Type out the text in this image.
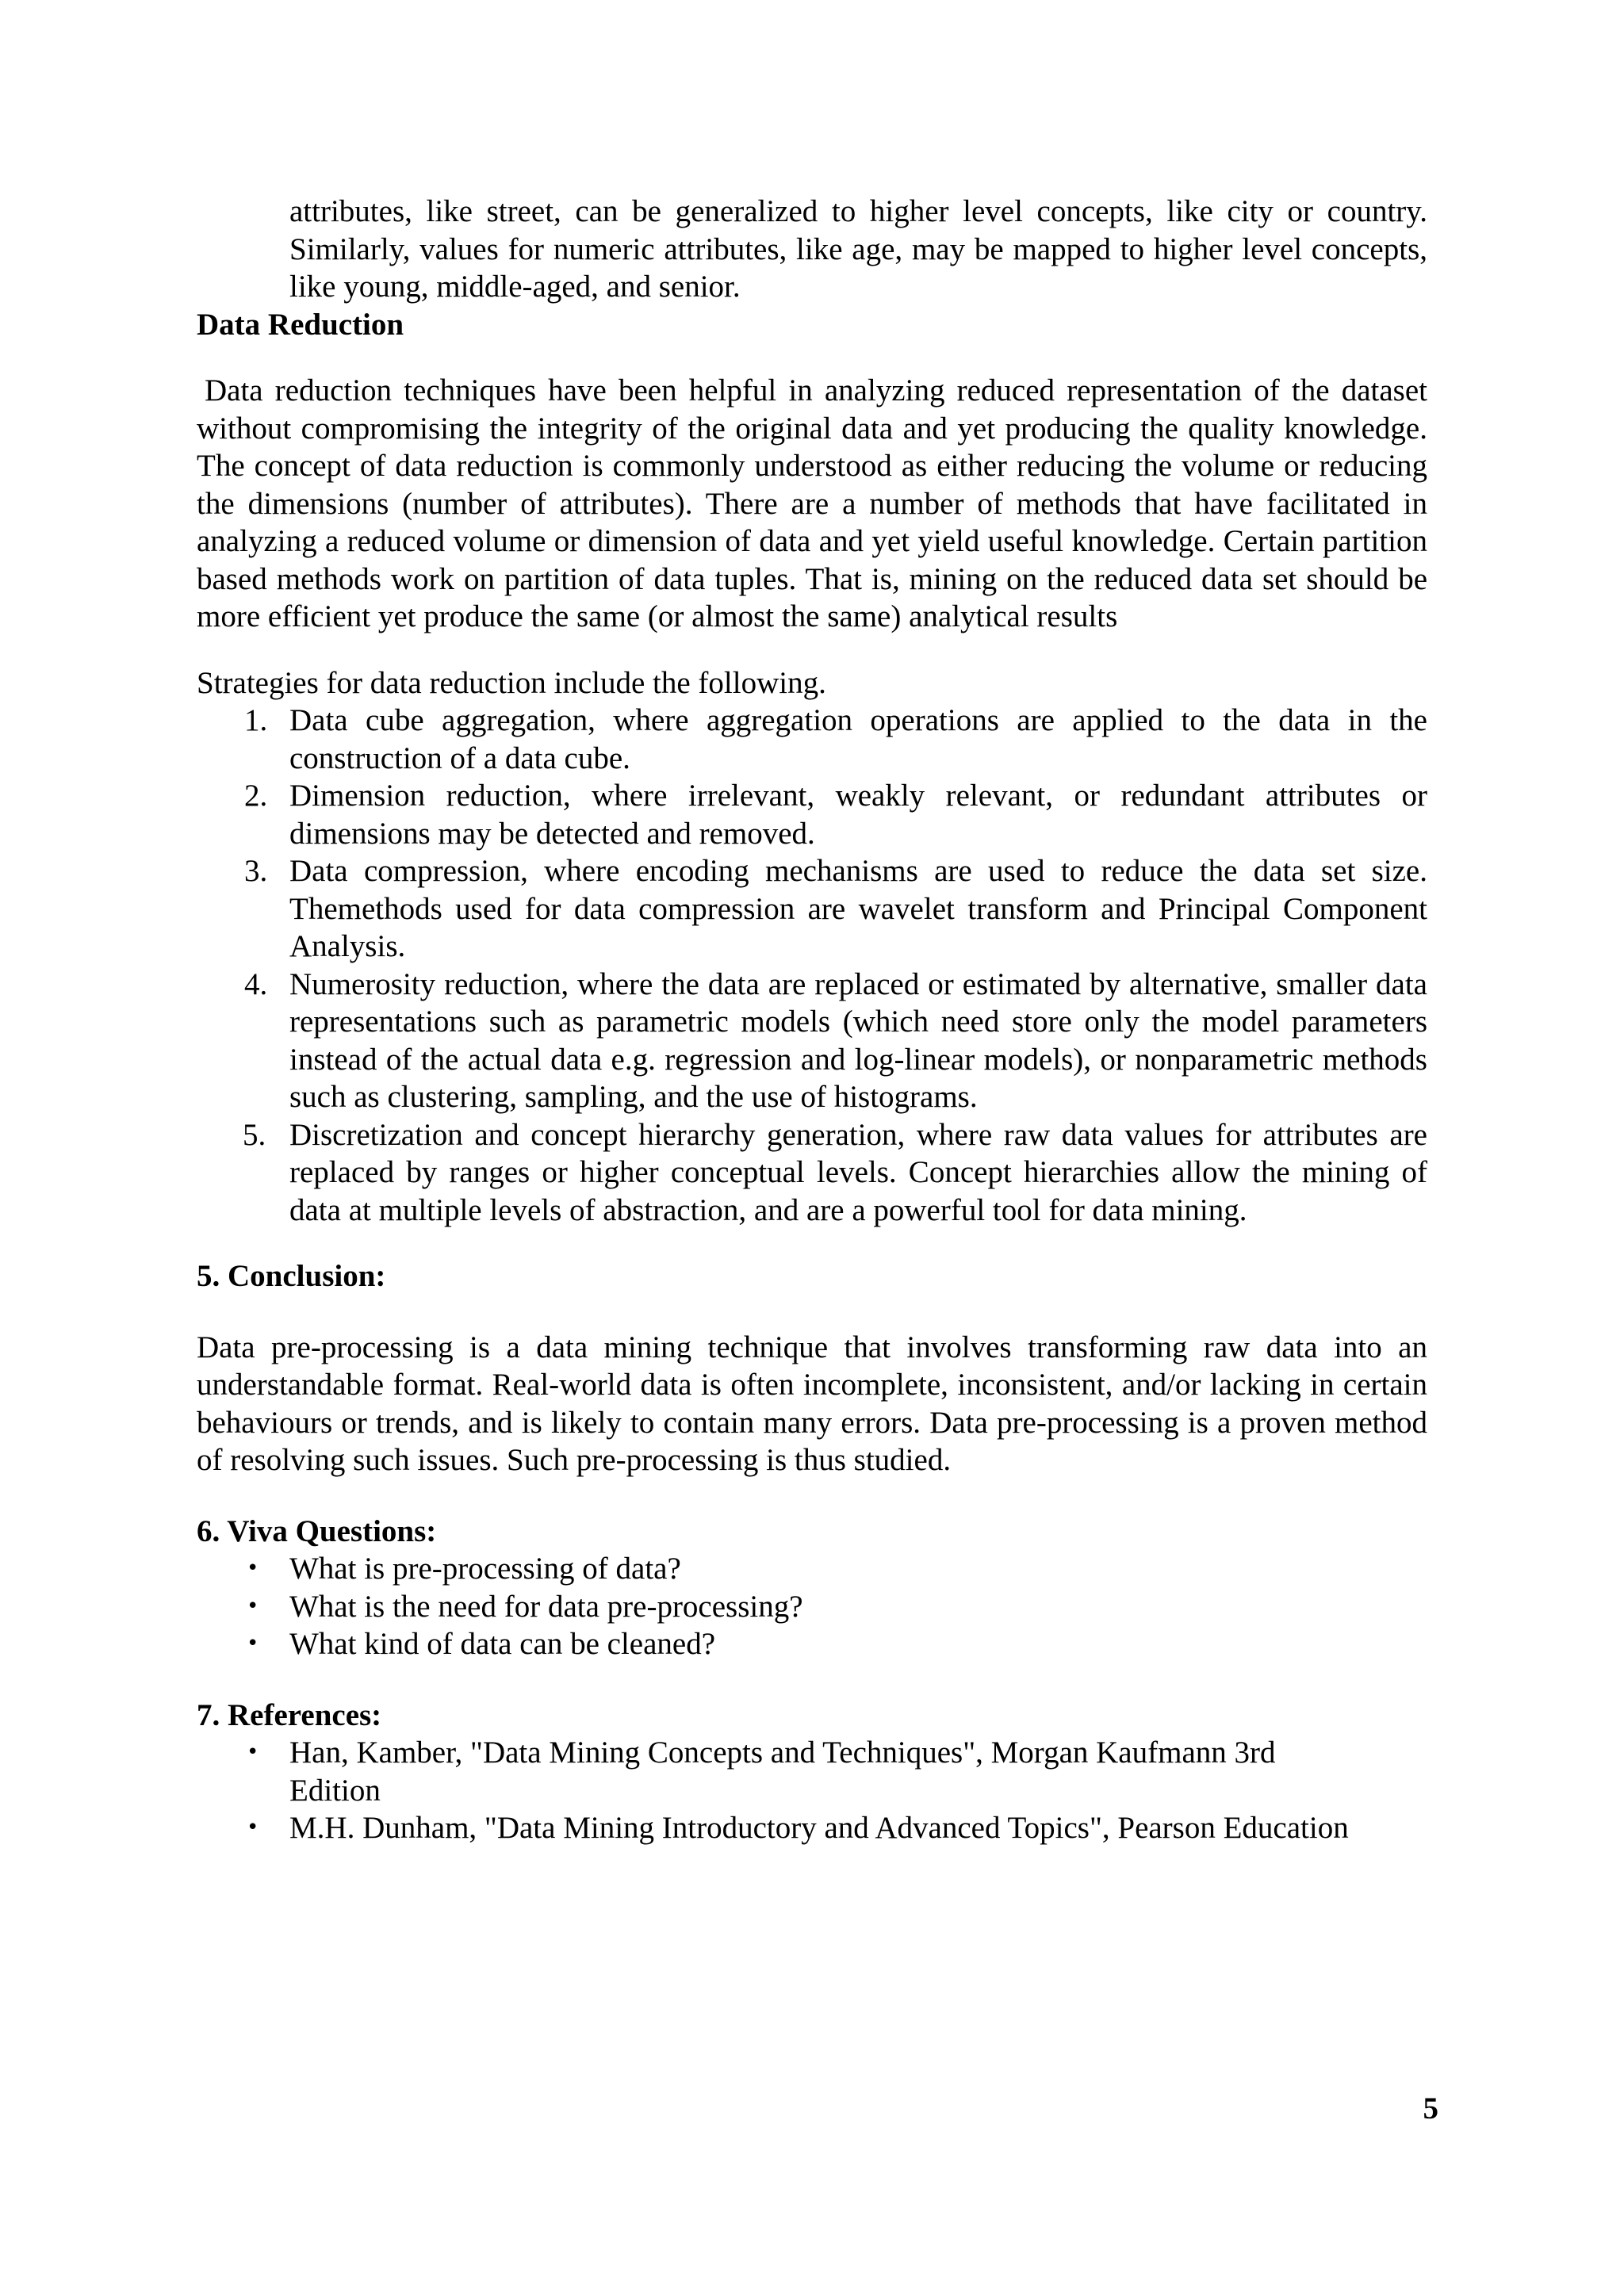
attributes, like street, can be generalized to higher level concepts, like city or country. Similarly, values for numeric attributes, like age, may be mapped to higher level concepts, like young, middle-aged, and senior.

Data Reduction

Data reduction techniques have been helpful in analyzing reduced representation of the dataset without compromising the integrity of the original data and yet producing the quality knowledge. The concept of data reduction is commonly understood as either reducing the volume or reducing the dimensions (number of attributes). There are a number of methods that have facilitated in analyzing a reduced volume or dimension of data and yet yield useful knowledge. Certain partition based methods work on partition of data tuples. That is, mining on the reduced data set should be more efficient yet produce the same (or almost the same) analytical results

Strategies for data reduction include the following.

1. Data cube aggregation, where aggregation operations are applied to the data in the construction of a data cube.
2. Dimension reduction, where irrelevant, weakly relevant, or redundant attributes or dimensions may be detected and removed.
3. Data compression, where encoding mechanisms are used to reduce the data set size. Themethods used for data compression are wavelet transform and Principal Component Analysis.
4. Numerosity reduction, where the data are replaced or estimated by alternative, smaller data representations such as parametric models (which need store only the model parameters instead of the actual data e.g. regression and log-linear models), or nonparametric methods such as clustering, sampling, and the use of histograms.
5. Discretization and concept hierarchy generation, where raw data values for attributes are replaced by ranges or higher conceptual levels. Concept hierarchies allow the mining of data at multiple levels of abstraction, and are a powerful tool for data mining.
5. Conclusion:

Data pre-processing is a data mining technique that involves transforming raw data into an understandable format. Real-world data is often incomplete, inconsistent, and/or lacking in certain behaviours or trends, and is likely to contain many errors. Data pre-processing is a proven method of resolving such issues. Such pre-processing is thus studied.

6. Viva Questions:
• What is pre-processing of data?
• What is the need for data pre-processing?
• What kind of data can be cleaned?
7. References:
• Han, Kamber, "Data Mining Concepts and Techniques", Morgan Kaufmann 3rd Edition
• M.H. Dunham, "Data Mining Introductory and Advanced Topics", Pearson Education
5
